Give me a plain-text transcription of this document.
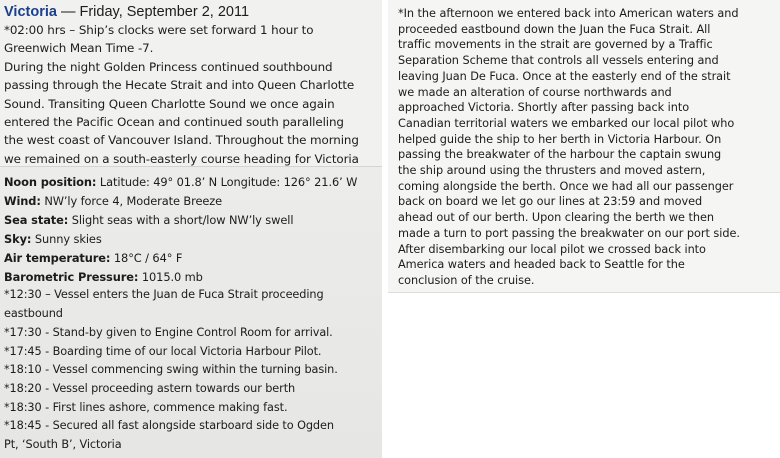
Victoria — Friday, September 2, 2011

*02:00 hrs – Ship’s clocks were set forward 1 hour to

Greenwich Mean Time -7.

During the night Golden Princess continued southbound

passing through the Hecate Strait and into Queen Charlotte

Sound. Transiting Queen Charlotte Sound we once again

entered the Pacific Ocean and continued south paralleling

the west coast of Vancouver Island. Throughout the morning

we remained on a south-easterly course heading for Victoria

Noon position: Latitude: 49° 01.8’ N Longitude: 126° 21.6’ W

Wind: NW’ly force 4, Moderate Breeze

Sea state: Slight seas with a short/low NW’ly swell

Sky: Sunny skies

Air temperature: 18°C / 64° F

Barometric Pressure: 1015.0 mb

*12:30 – Vessel enters the Juan de Fuca Strait proceeding

eastbound

*17:30 - Stand-by given to Engine Control Room for arrival.

*17:45 - Boarding time of our local Victoria Harbour Pilot.

*18:10 - Vessel commencing swing within the turning basin.

*18:20 - Vessel proceeding astern towards our berth

*18:30 - First lines ashore, commence making fast.

*18:45 - Secured all fast alongside starboard side to Ogden

Pt, ‘South B’, Victoria

*In the afternoon we entered back into American waters and

proceeded eastbound down the Juan the Fuca Strait. All

traffic movements in the strait are governed by a Traffic

Separation Scheme that controls all vessels entering and

leaving Juan De Fuca. Once at the easterly end of the strait

we made an alteration of course northwards and

approached Victoria. Shortly after passing back into

Canadian territorial waters we embarked our local pilot who

helped guide the ship to her berth in Victoria Harbour. On

passing the breakwater of the harbour the captain swung

the ship around using the thrusters and moved astern,

coming alongside the berth. Once we had all our passenger

back on board we let go our lines at 23:59 and moved

ahead out of our berth. Upon clearing the berth we then

made a turn to port passing the breakwater on our port side.

After disembarking our local pilot we crossed back into

America waters and headed back to Seattle for the

conclusion of the cruise.
